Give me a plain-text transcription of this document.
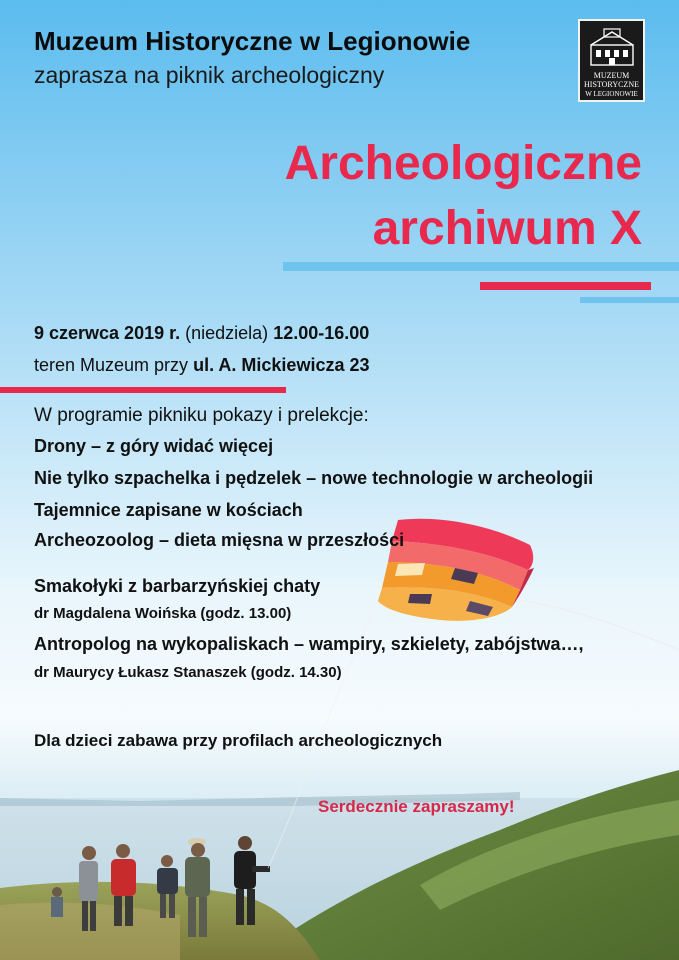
Muzeum Historyczne w Legionowie
zaprasza na piknik archeologiczny	MUZEUM
HISTORYCZNE
W LEGIONOWIE
Archeologiczne
archiwum X
9 czerwca 2019 r. (niedziela) 12.00-16.00
teren Muzeum przy ul. A. Mickiewicza 23
W programie pikniku pokazy i prelekcje:
Drony – z góry widać więcej
Nie tylko szpachelka i pędzelek – nowe technologie w archeologii
Tajemnice zapisane w kościach
Archeozoolog – dieta mięsna w przeszłości
Smakołyki z barbarzyńskiej chaty
dr Magdalena Woińska (godz. 13.00)
Antropolog na wykopaliskach – wampiry, szkielety, zabójstwa…,
dr Maurycy Łukasz Stanaszek (godz. 14.30)
Dla dzieci zabawa przy profilach archeologicznych
Serdecznie zapraszamy!
